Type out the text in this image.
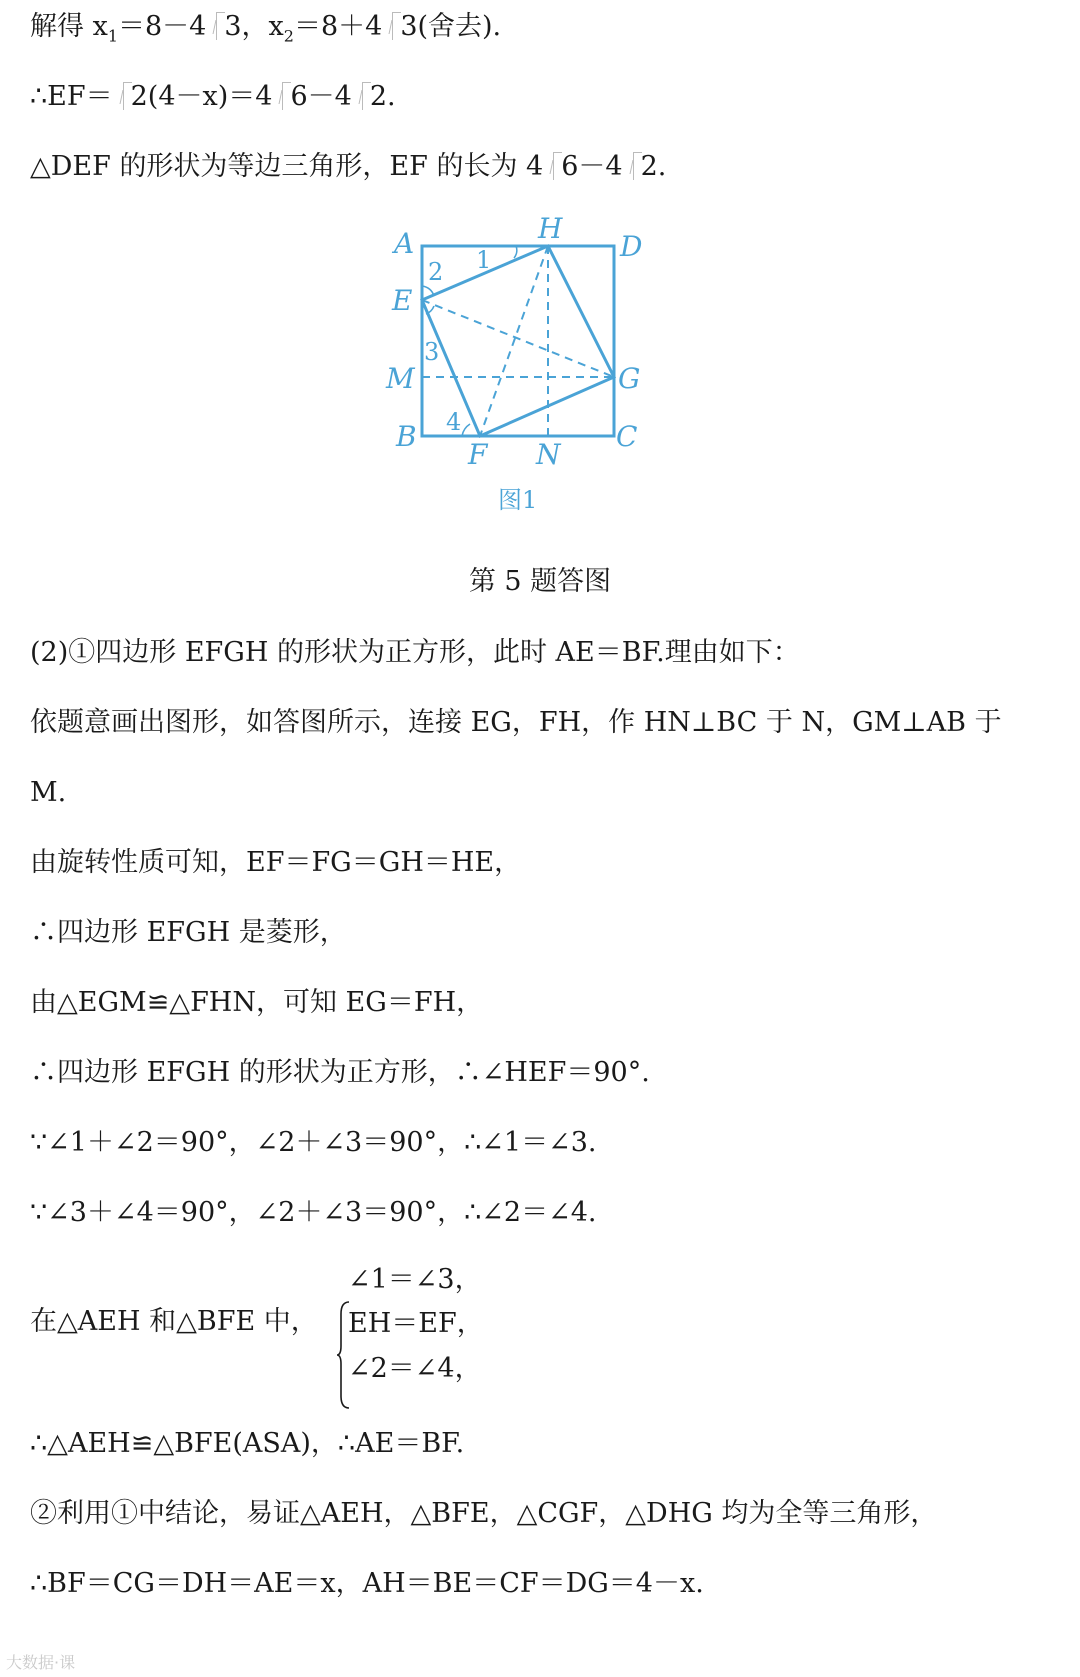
解得 $x_1=8-4$ 3，$x_2=8+4$ 3(舍去).
∴EF＝ 2(4－x)＝4 6－4 2.
△DEF 的形状为等边三角形，EF 的长为 4 6－4 2.
A	H
D
E
M	G
B
F N
C
2 1
3
4
图1
第 5 题答图
(2)①四边形 EFGH 的形状为正方形，此时 AE＝BF.理由如下：
依题意画出图形，如答图所示，连接 EG，FH，作 HN⊥BC 于 N，GM⊥AB 于
M.
由旋转性质可知，EF＝FG＝GH＝HE，
∴四边形 EFGH 是菱形，
由△EGM≌△FHN，可知 EG＝FH，
∴四边形 EFGH 的形状为正方形，∴∠HEF＝90°.
∵∠1＋∠2＝90°，∠2＋∠3＝90°，∴∠1＝∠3.
∵∠3＋∠4＝90°，∠2＋∠3＝90°，∴∠2＝∠4.
在△AEH 和△BFE 中，
∠1＝∠3，
EH＝EF，
∠2＝∠4，
∴△AEH≌△BFE(ASA)，∴AE＝BF.
②利用①中结论，易证△AEH，△BFE，△CGF，△DHG 均为全等三角形，
∴BF＝CG＝DH＝AE＝x，AH＝BE＝CF＝DG＝4－x.
大数据·课
